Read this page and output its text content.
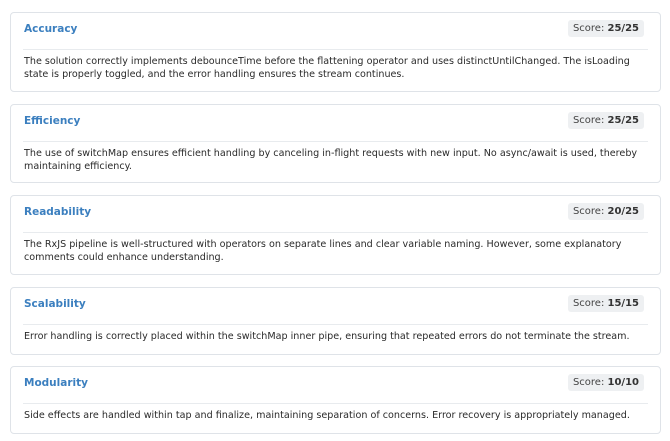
Accuracy	Score: 25/25
The solution correctly implements debounceTime before the flattening operator and uses distinctUntilChanged. The isLoading state is properly toggled, and the error handling ensures the stream continues.
Efficiency	Score: 25/25
The use of switchMap ensures efficient handling by canceling in-flight requests with new input. No async/await is used, thereby maintaining efficiency.
Readability	Score: 20/25
The RxJS pipeline is well-structured with operators on separate lines and clear variable naming. However, some explanatory comments could enhance understanding.
Scalability	Score: 15/15
Error handling is correctly placed within the switchMap inner pipe, ensuring that repeated errors do not terminate the stream.
Modularity	Score: 10/10
Side effects are handled within tap and finalize, maintaining separation of concerns. Error recovery is appropriately managed.
